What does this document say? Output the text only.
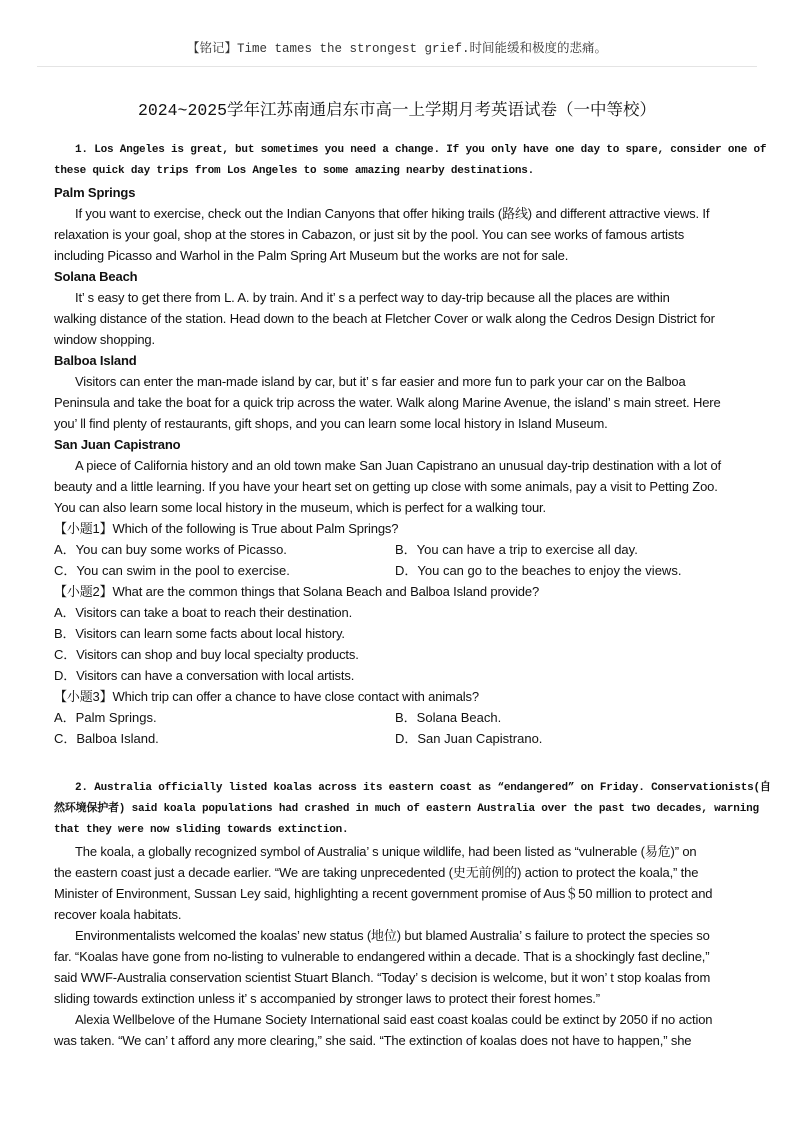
【铭记】Time tames the strongest grief.时间能缓和极度的悲痛。
2024~2025学年江苏南通启东市高一上学期月考英语试卷（一中等校）
1. Los Angeles is great, but sometimes you need a change. If you only have one day to spare, consider one of
these quick day trips from Los Angeles to some amazing nearby destinations.
Palm Springs
If you want to exercise, check out the Indian Canyons that offer hiking trails (路线) and different attractive views. If
relaxation is your goal, shop at the stores in Cabazon, or just sit by the pool. You can see works of famous artists
including Picasso and Warhol in the Palm Spring Art Museum but the works are not for sale.
Solana Beach
It’ s easy to get there from L. A. by train. And it’ s a perfect way to day-trip because all the places are within
walking distance of the station. Head down to the beach at Fletcher Cover or walk along the Cedros Design District for
window shopping.
Balboa Island
Visitors can enter the man-made island by car, but it’ s far easier and more fun to park your car on the Balboa
Peninsula and take the boat for a quick trip across the water. Walk along Marine Avenue, the island’ s main street. Here
you’ ll find plenty of restaurants, gift shops, and you can learn some local history in Island Museum.
San Juan Capistrano
A piece of California history and an old town make San Juan Capistrano an unusual day-trip destination with a lot of
beauty and a little learning. If you have your heart set on getting up close with some animals, pay a visit to Petting Zoo.
You can also learn some local history in the museum, which is perfect for a walking tour.
【小题1】Which of the following is True about Palm Springs?
A．You can buy some works of Picasso.	B．You can have a trip to exercise all day.
C．You can swim in the pool to exercise.	D．You can go to the beaches to enjoy the views.
【小题2】What are the common things that Solana Beach and Balboa Island provide?
A．Visitors can take a boat to reach their destination.
B．Visitors can learn some facts about local history.
C．Visitors can shop and buy local specialty products.
D．Visitors can have a conversation with local artists.
【小题3】Which trip can offer a chance to have close contact with animals?
A．Palm Springs.	B．Solana Beach.
C．Balboa Island.	D．San Juan Capistrano.
2. Australia officially listed koalas across its eastern coast as “endangered” on Friday. Conservationists(自
然环境保护者) said koala populations had crashed in much of eastern Australia over the past two decades, warning
that they were now sliding towards extinction.
The koala, a globally recognized symbol of Australia’ s unique wildlife, had been listed as “vulnerable (易危)” on
the eastern coast just a decade earlier. “We are taking unprecedented (史无前例的) action to protect the koala,” the
Minister of Environment, Sussan Ley said, highlighting a recent government promise of Aus＄50 million to protect and
recover koala habitats.
Environmentalists welcomed the koalas’ new status (地位) but blamed Australia’ s failure to protect the species so
far. “Koalas have gone from no-listing to vulnerable to endangered within a decade. That is a shockingly fast decline,”
said WWF-Australia conservation scientist Stuart Blanch. “Today’ s decision is welcome, but it won’ t stop koalas from
sliding towards extinction unless it’ s accompanied by stronger laws to protect their forest homes.”
Alexia Wellbelove of the Humane Society International said east coast koalas could be extinct by 2050 if no action
was taken. “We can’ t afford any more clearing,” she said. “The extinction of koalas does not have to happen,” she
